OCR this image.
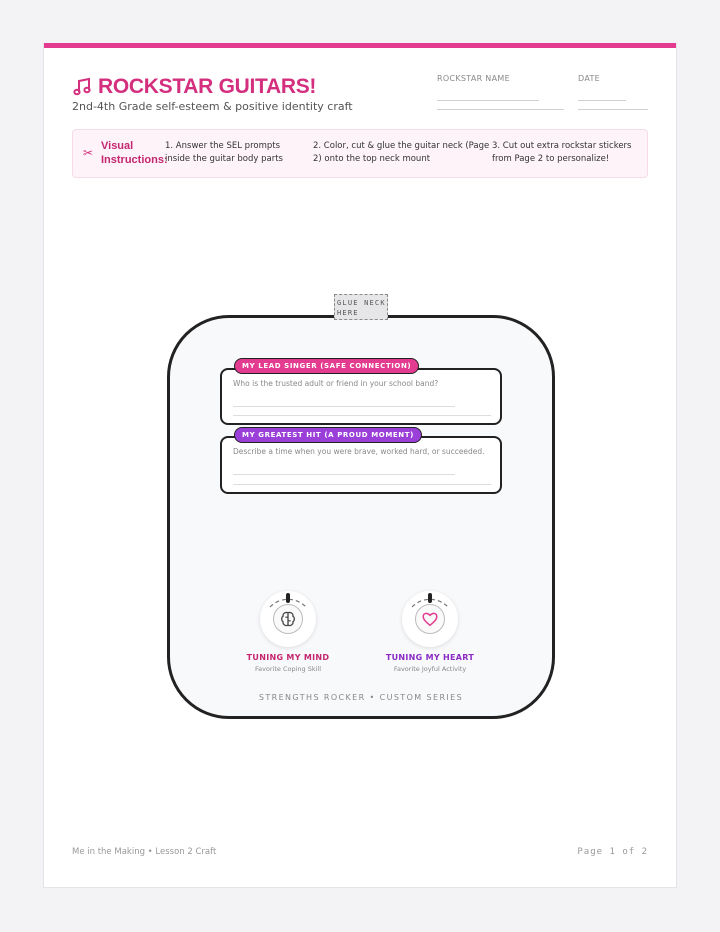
ROCKSTAR GUITARS!
2nd-4th Grade self-esteem & positive identity craft
ROCKSTAR NAME	DATE
✂ Visual
Instructions:
1. Answer the SEL prompts
inside the guitar body parts
2. Color, cut & glue the guitar neck (Page
2) onto the top neck mount
3. Cut out extra rockstar stickers
from Page 2 to personalize!
GLUE NECK
HERE
Who is the trusted adult or friend in your school band?
MY LEAD SINGER (SAFE CONNECTION)
Describe a time when you were brave, worked hard, or succeeded.
MY GREATEST HIT (A PROUD MOMENT)
TUNING MY MIND
Favorite Coping Skill
TUNING MY HEART
Favorite Joyful Activity
STRENGTHS ROCKER • CUSTOM SERIES
Me in the Making • Lesson 2 Craft	Page 1 of 2
